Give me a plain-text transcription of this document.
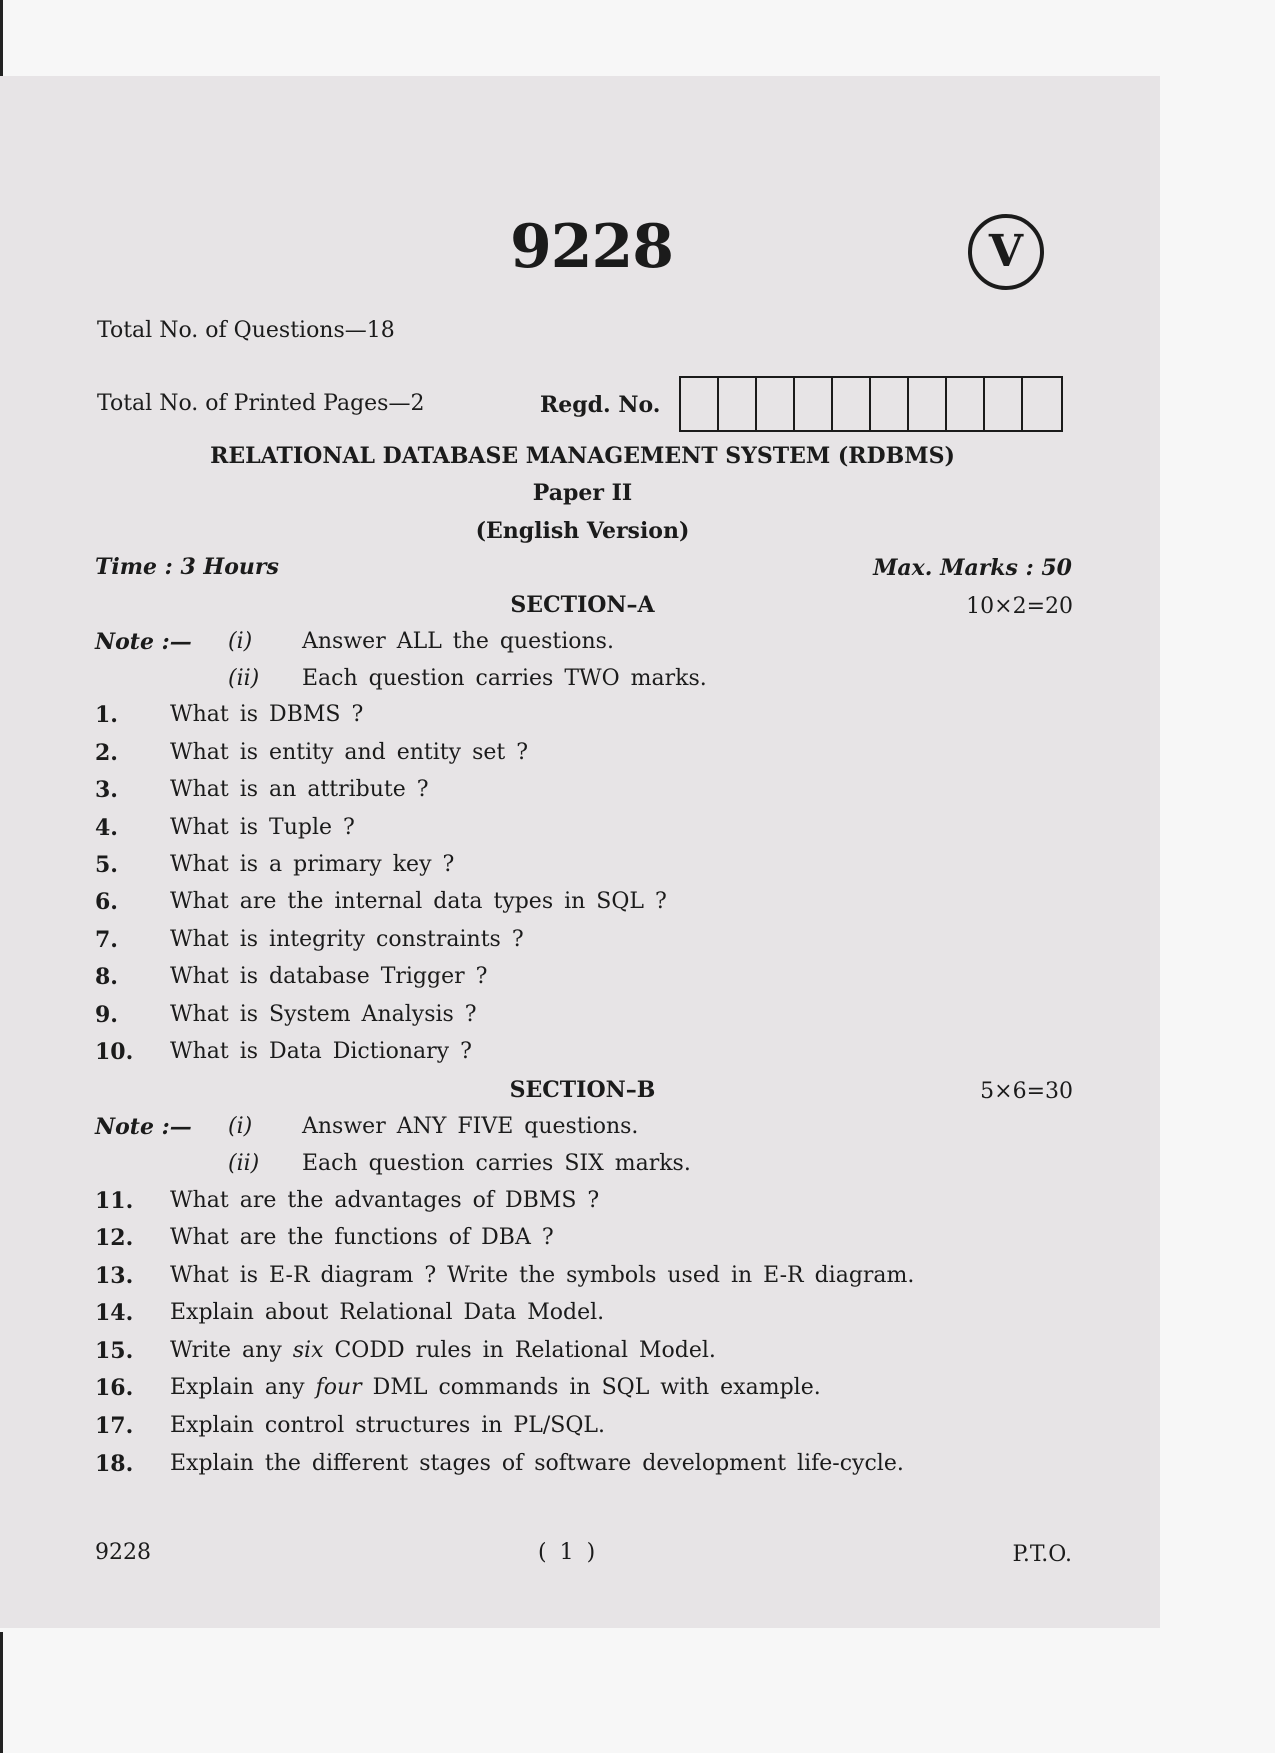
9228	V
Total No. of Questions—18
Total No. of Printed Pages—2	Regd. No.
RELATIONAL DATABASE MANAGEMENT SYSTEM (RDBMS)
Paper II
(English Version)
Time : 3 Hours	Max. Marks : 50
SECTION–A	10×2=20
Note :— (i) Answer ALL the questions.
(ii) Each question carries TWO marks.
1. What is DBMS ?
2. What is entity and entity set ?
3. What is an attribute ?
4. What is Tuple ?
5. What is a primary key ?
6. What are the internal data types in SQL ?
7. What is integrity constraints ?
8. What is database Trigger ?
9. What is System Analysis ?
10. What is Data Dictionary ?
SECTION–B	5×6=30
Note :— (i) Answer ANY FIVE questions.
(ii) Each question carries SIX marks.
11. What are the advantages of DBMS ?
12. What are the functions of DBA ?
13. What is E-R diagram ? Write the symbols used in E-R diagram.
14. Explain about Relational Data Model.
15. Write any six CODD rules in Relational Model.
16. Explain any four DML commands in SQL with example.
17. Explain control structures in PL/SQL.
18. Explain the different stages of software development life-cycle.
9228	( 1 )	P.T.O.
